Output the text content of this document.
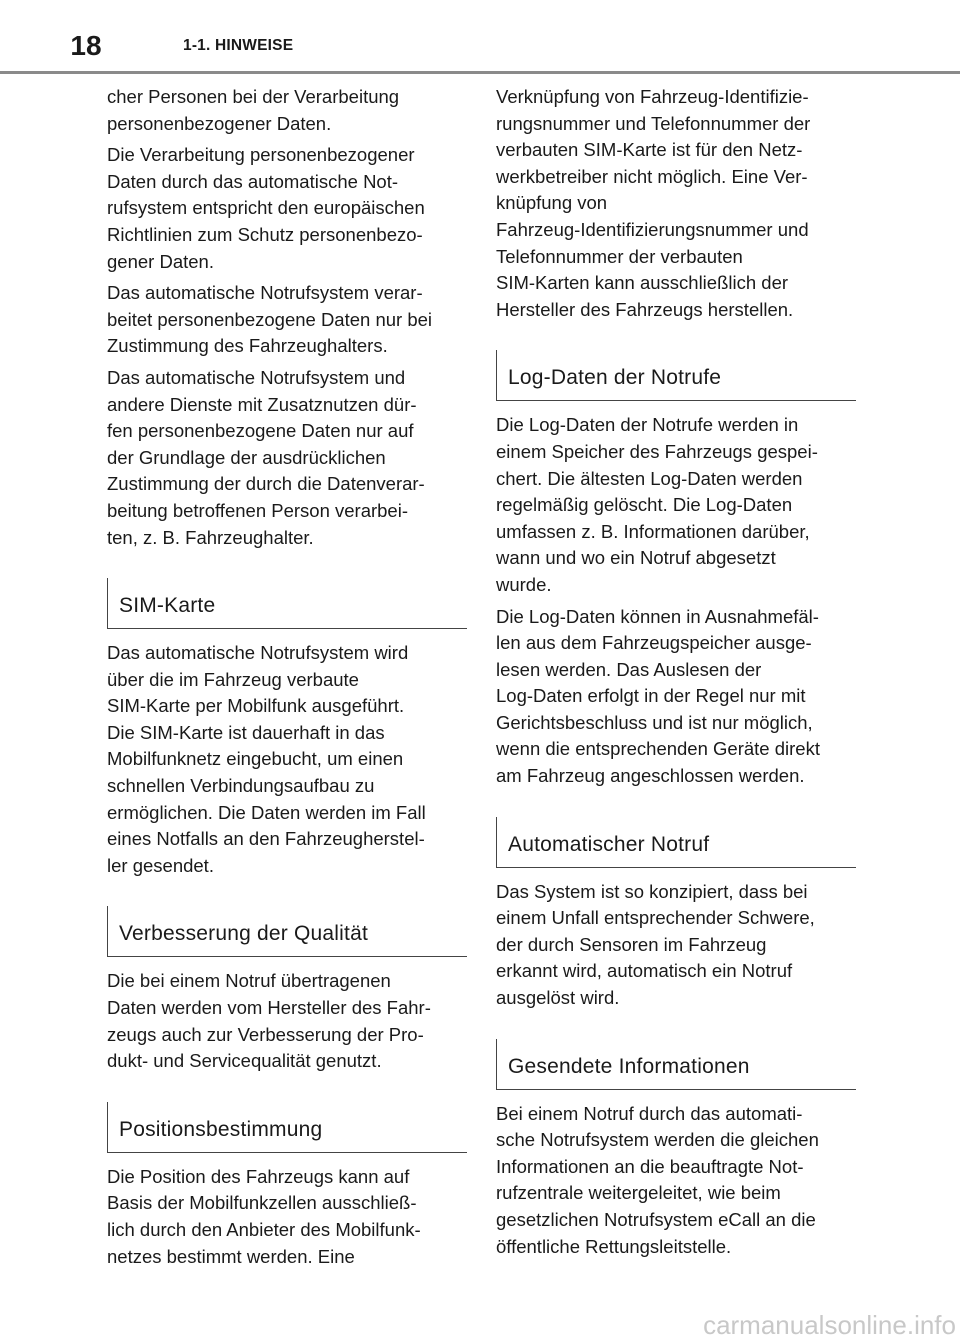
18	1-1. HINWEISE

cher Personen bei der Verarbeitung
personenbezogener Daten.

Die Verarbeitung personenbezogener
Daten durch das automatische Not-
rufsystem entspricht den europäischen
Richtlinien zum Schutz personenbezo-
gener Daten.

Das automatische Notrufsystem verar-
beitet personenbezogene Daten nur bei
Zustimmung des Fahrzeughalters.

Das automatische Notrufsystem und
andere Dienste mit Zusatznutzen dür-
fen personenbezogene Daten nur auf
der Grundlage der ausdrücklichen
Zustimmung der durch die Datenverar-
beitung betroffenen Person verarbei-
ten, z. B. Fahrzeughalter.

SIM-Karte

Das automatische Notrufsystem wird
über die im Fahrzeug verbaute
SIM-Karte per Mobilfunk ausgeführt.
Die SIM-Karte ist dauerhaft in das
Mobilfunknetz eingebucht, um einen
schnellen Verbindungsaufbau zu
ermöglichen. Die Daten werden im Fall
eines Notfalls an den Fahrzeugherstel-
ler gesendet.

Verbesserung der Qualität

Die bei einem Notruf übertragenen
Daten werden vom Hersteller des Fahr-
zeugs auch zur Verbesserung der Pro-
dukt- und Servicequalität genutzt.

Positionsbestimmung

Die Position des Fahrzeugs kann auf
Basis der Mobilfunkzellen ausschließ-
lich durch den Anbieter des Mobilfunk-
netzes bestimmt werden. Eine

Verknüpfung von Fahrzeug-Identifizie-
rungsnummer und Telefonnummer der
verbauten SIM-Karte ist für den Netz-
werkbetreiber nicht möglich. Eine Ver-
knüpfung von
Fahrzeug-Identifizierungsnummer und
Telefonnummer der verbauten
SIM-Karten kann ausschließlich der
Hersteller des Fahrzeugs herstellen.

Log-Daten der Notrufe

Die Log-Daten der Notrufe werden in
einem Speicher des Fahrzeugs gespei-
chert. Die ältesten Log-Daten werden
regelmäßig gelöscht. Die Log-Daten
umfassen z. B. Informationen darüber,
wann und wo ein Notruf abgesetzt
wurde.

Die Log-Daten können in Ausnahmefäl-
len aus dem Fahrzeugspeicher ausge-
lesen werden. Das Auslesen der
Log-Daten erfolgt in der Regel nur mit
Gerichtsbeschluss und ist nur möglich,
wenn die entsprechenden Geräte direkt
am Fahrzeug angeschlossen werden.

Automatischer Notruf

Das System ist so konzipiert, dass bei
einem Unfall entsprechender Schwere,
der durch Sensoren im Fahrzeug
erkannt wird, automatisch ein Notruf
ausgelöst wird.

Gesendete Informationen

Bei einem Notruf durch das automati-
sche Notrufsystem werden die gleichen
Informationen an die beauftragte Not-
rufzentrale weitergeleitet, wie beim
gesetzlichen Notrufsystem eCall an die
öffentliche Rettungsleitstelle.

carmanualsonline.info
